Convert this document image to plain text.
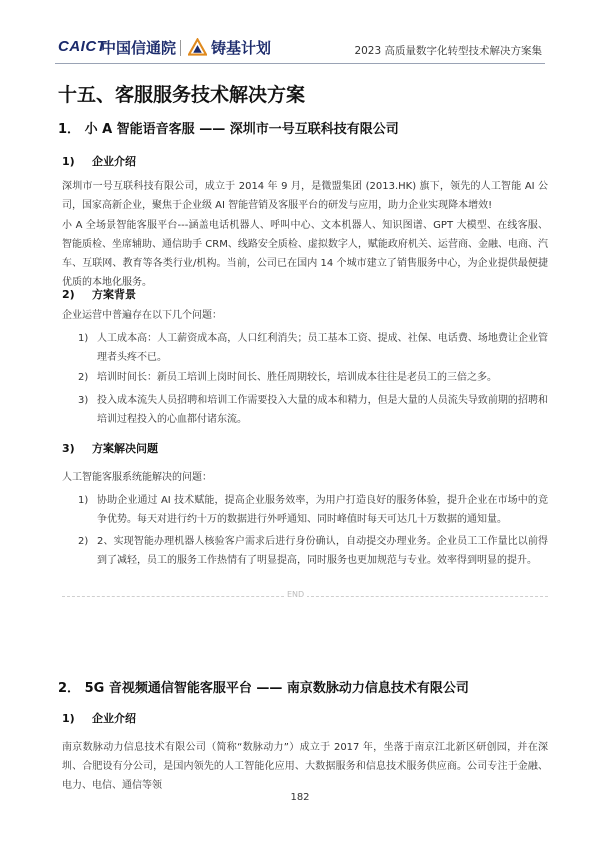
CAICT
中国信通院 铸基计划	2023 高质量数字化转型技术解决方案集
十五、客服服务技术解决方案
1． 小 A 智能语音客服 —— 深圳市一号互联科技有限公司
1) 企业介绍
深圳市一号互联科技有限公司，成立于 2014 年 9 月，是微盟集团 (2013.HK) 旗下，领先的人工智能 AI 公司，国家高新企业，聚焦于企业级 AI 智能营销及客服平台的研发与应用，助力企业实现降本增效!
小 A 全场景智能客服平台---涵盖电话机器人、呼叫中心、文本机器人、知识图谱、GPT 大模型、在线客服、智能质检、坐席辅助、通信助手 CRM、线路安全质检、虚拟数字人，赋能政府机关、运营商、金融、电商、汽车、互联网、教育等各类行业/机构。当前，公司已在国内 14 个城市建立了销售服务中心，为企业提供最便捷优质的本地化服务。
2) 方案背景
企业运营中普遍存在以下几个问题：
1) 人工成本高：人工薪资成本高，人口红利消失；员工基本工资、提成、社保、电话费、场地费让企业管理者头疼不已。
2) 培训时间长：新员工培训上岗时间长、胜任周期较长，培训成本往往是老员工的三倍之多。
3) 投入成本流失人员招聘和培训工作需要投入大量的成本和精力，但是大量的人员流失导致前期的招聘和培训过程投入的心血都付诸东流。
3) 方案解决问题
人工智能客服系统能解决的问题：
1) 协助企业通过 AI 技术赋能，提高企业服务效率，为用户打造良好的服务体验，提升企业在市场中的竞争优势。每天对进行约十万的数据进行外呼通知、同时峰值时每天可达几十万数据的通知量。
2) 2、实现智能办理机器人核验客户需求后进行身份确认，自动提交办理业务。企业员工工作量比以前得到了减轻，员工的服务工作热情有了明显提高，同时服务也更加规范与专业。效率得到明显的提升。
END
2． 5G 音视频通信智能客服平台 —— 南京数脉动力信息技术有限公司
1) 企业介绍
南京数脉动力信息技术有限公司（简称“数脉动力”）成立于 2017 年，坐落于南京江北新区研创园，并在深圳、合肥设有分公司，是国内领先的人工智能化应用、大数据服务和信息技术服务供应商。公司专注于金融、电力、电信、通信等领
182
